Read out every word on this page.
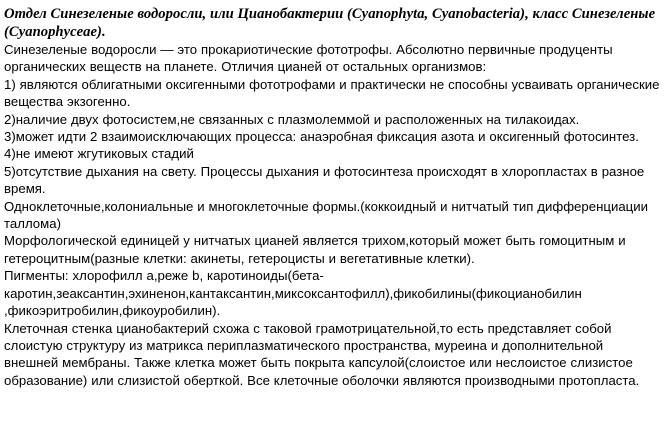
Отдел Синезеленые водоросли, или Цианобактерии (Cyanophyta, Cyanobacteria), класс Синезеленые (Cyanophyceae).

Синезеленые водоросли — это прокариотические фототрофы. Абсолютно первичные продуценты органических веществ на планете. Отличия цианей от остальных организмов:

1) являются облигатными оксигенными фототрофами и практически не способны усваивать органические вещества экзогенно.

2)наличие двух фотосистем,не связанных с плазмолеммой и расположенных на тилакоидах.

3)может идти 2 взаимоисключающих процесса: анаэробная фиксация азота и оксигенный фотосинтез.

4)не имеют жгутиковых стадий

5)отсутствие дыхания на свету. Процессы дыхания и фотосинтеза происходят в хлоропластах в разное время.

Одноклеточные,колониальные и многоклеточные формы.(коккоидный и нитчатый тип дифференциации таллома)

Морфологической единицей у нитчатых цианей является трихом,который может быть гомоцитным и гетероцитным(разные клетки: акинеты, гетероцисты и вегетативные клетки).

Пигменты: хлорофилл а,реже b, каротиноиды(бета-

каротин,зеаксантин,эхиненон,кантаксантин,миксоксантофилл),фикобилины(фикоцианобилин ,фикоэритробилин,фикоуробилин).

Клеточная стенка цианобактерий схожа с таковой грамотрицательной,то есть представляет собой слоистую структуру из матрикса периплазматического пространства, муреина и дополнительной внешней мембраны. Также клетка может быть покрыта капсулой(слоистое или неслоистое слизистое образование) или слизистой оберткой. Все клеточные оболочки являются производными протопласта.
